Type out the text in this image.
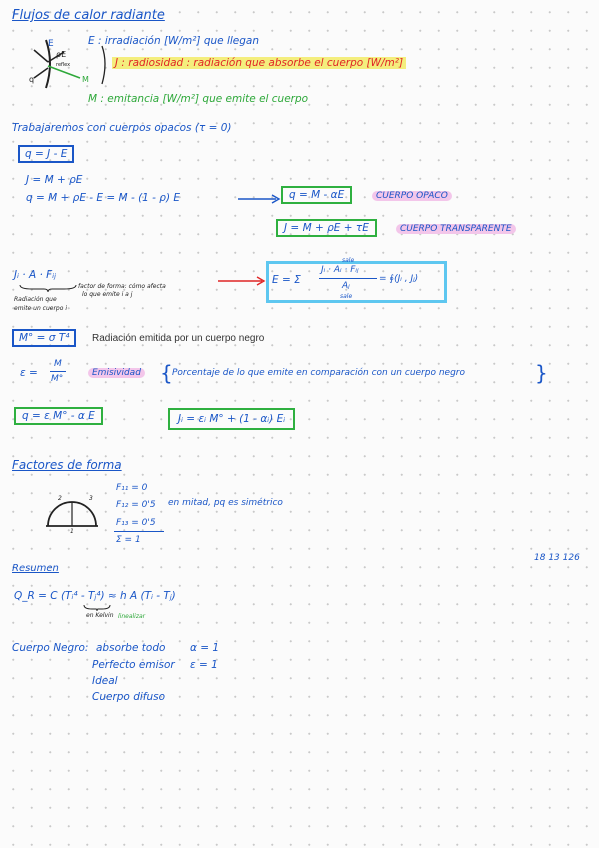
Flujos de calor radiante
E
ρE
reflex
M
q
E : irradiación [W/m²] que llegan
J : radiosidad : radiación que absorbe el cuerpo [W/m²]
M : emitancia [W/m²] que emite el cuerpo
Trabajaremos con cuerpos opacos (τ = 0)
q = J - E
J = M + ρE
q = M + ρE - E = M - (1 - ρ) E	q = M - αE	CUERPO OPACO
J = M + ρE + τE	CUERPO TRANSPARENTE
Jᵢ · A · Fᵢⱼ
factor de forma: cómo afecta
lo que emite i a j
Radiación que
emite un cuerpo i
E = Σ
sale
Jᵢ · Aᵢ · Fᵢⱼ
Aⱼ
sale
= ∮(Jᵢ , Jⱼ)
M° = σ T⁴	Radiación emitida por un cuerpo negro
ε =
M
M°
Emisividad { Porcentaje de lo que emite en comparación con un cuerpo negro	}
q = ε M° - α E	Jᵢ = εᵢ M° + (1 - αᵢ) Eᵢ
Factores de forma
2	3
1
F₁₁ = 0
F₁₂ = 0'5 en mitad, pq es simétrico
F₁₃ = 0'5
Σ = 1
18 13 126
Resumen
Q_R = C (Tᵢ⁴ - Tⱼ⁴) ≈ h A (Tᵢ - Tⱼ)
en Kelvin linealizar
Cuerpo Negro: absorbe todo α = 1
Perfecto emisor ε = 1
Ideal
Cuerpo difuso
